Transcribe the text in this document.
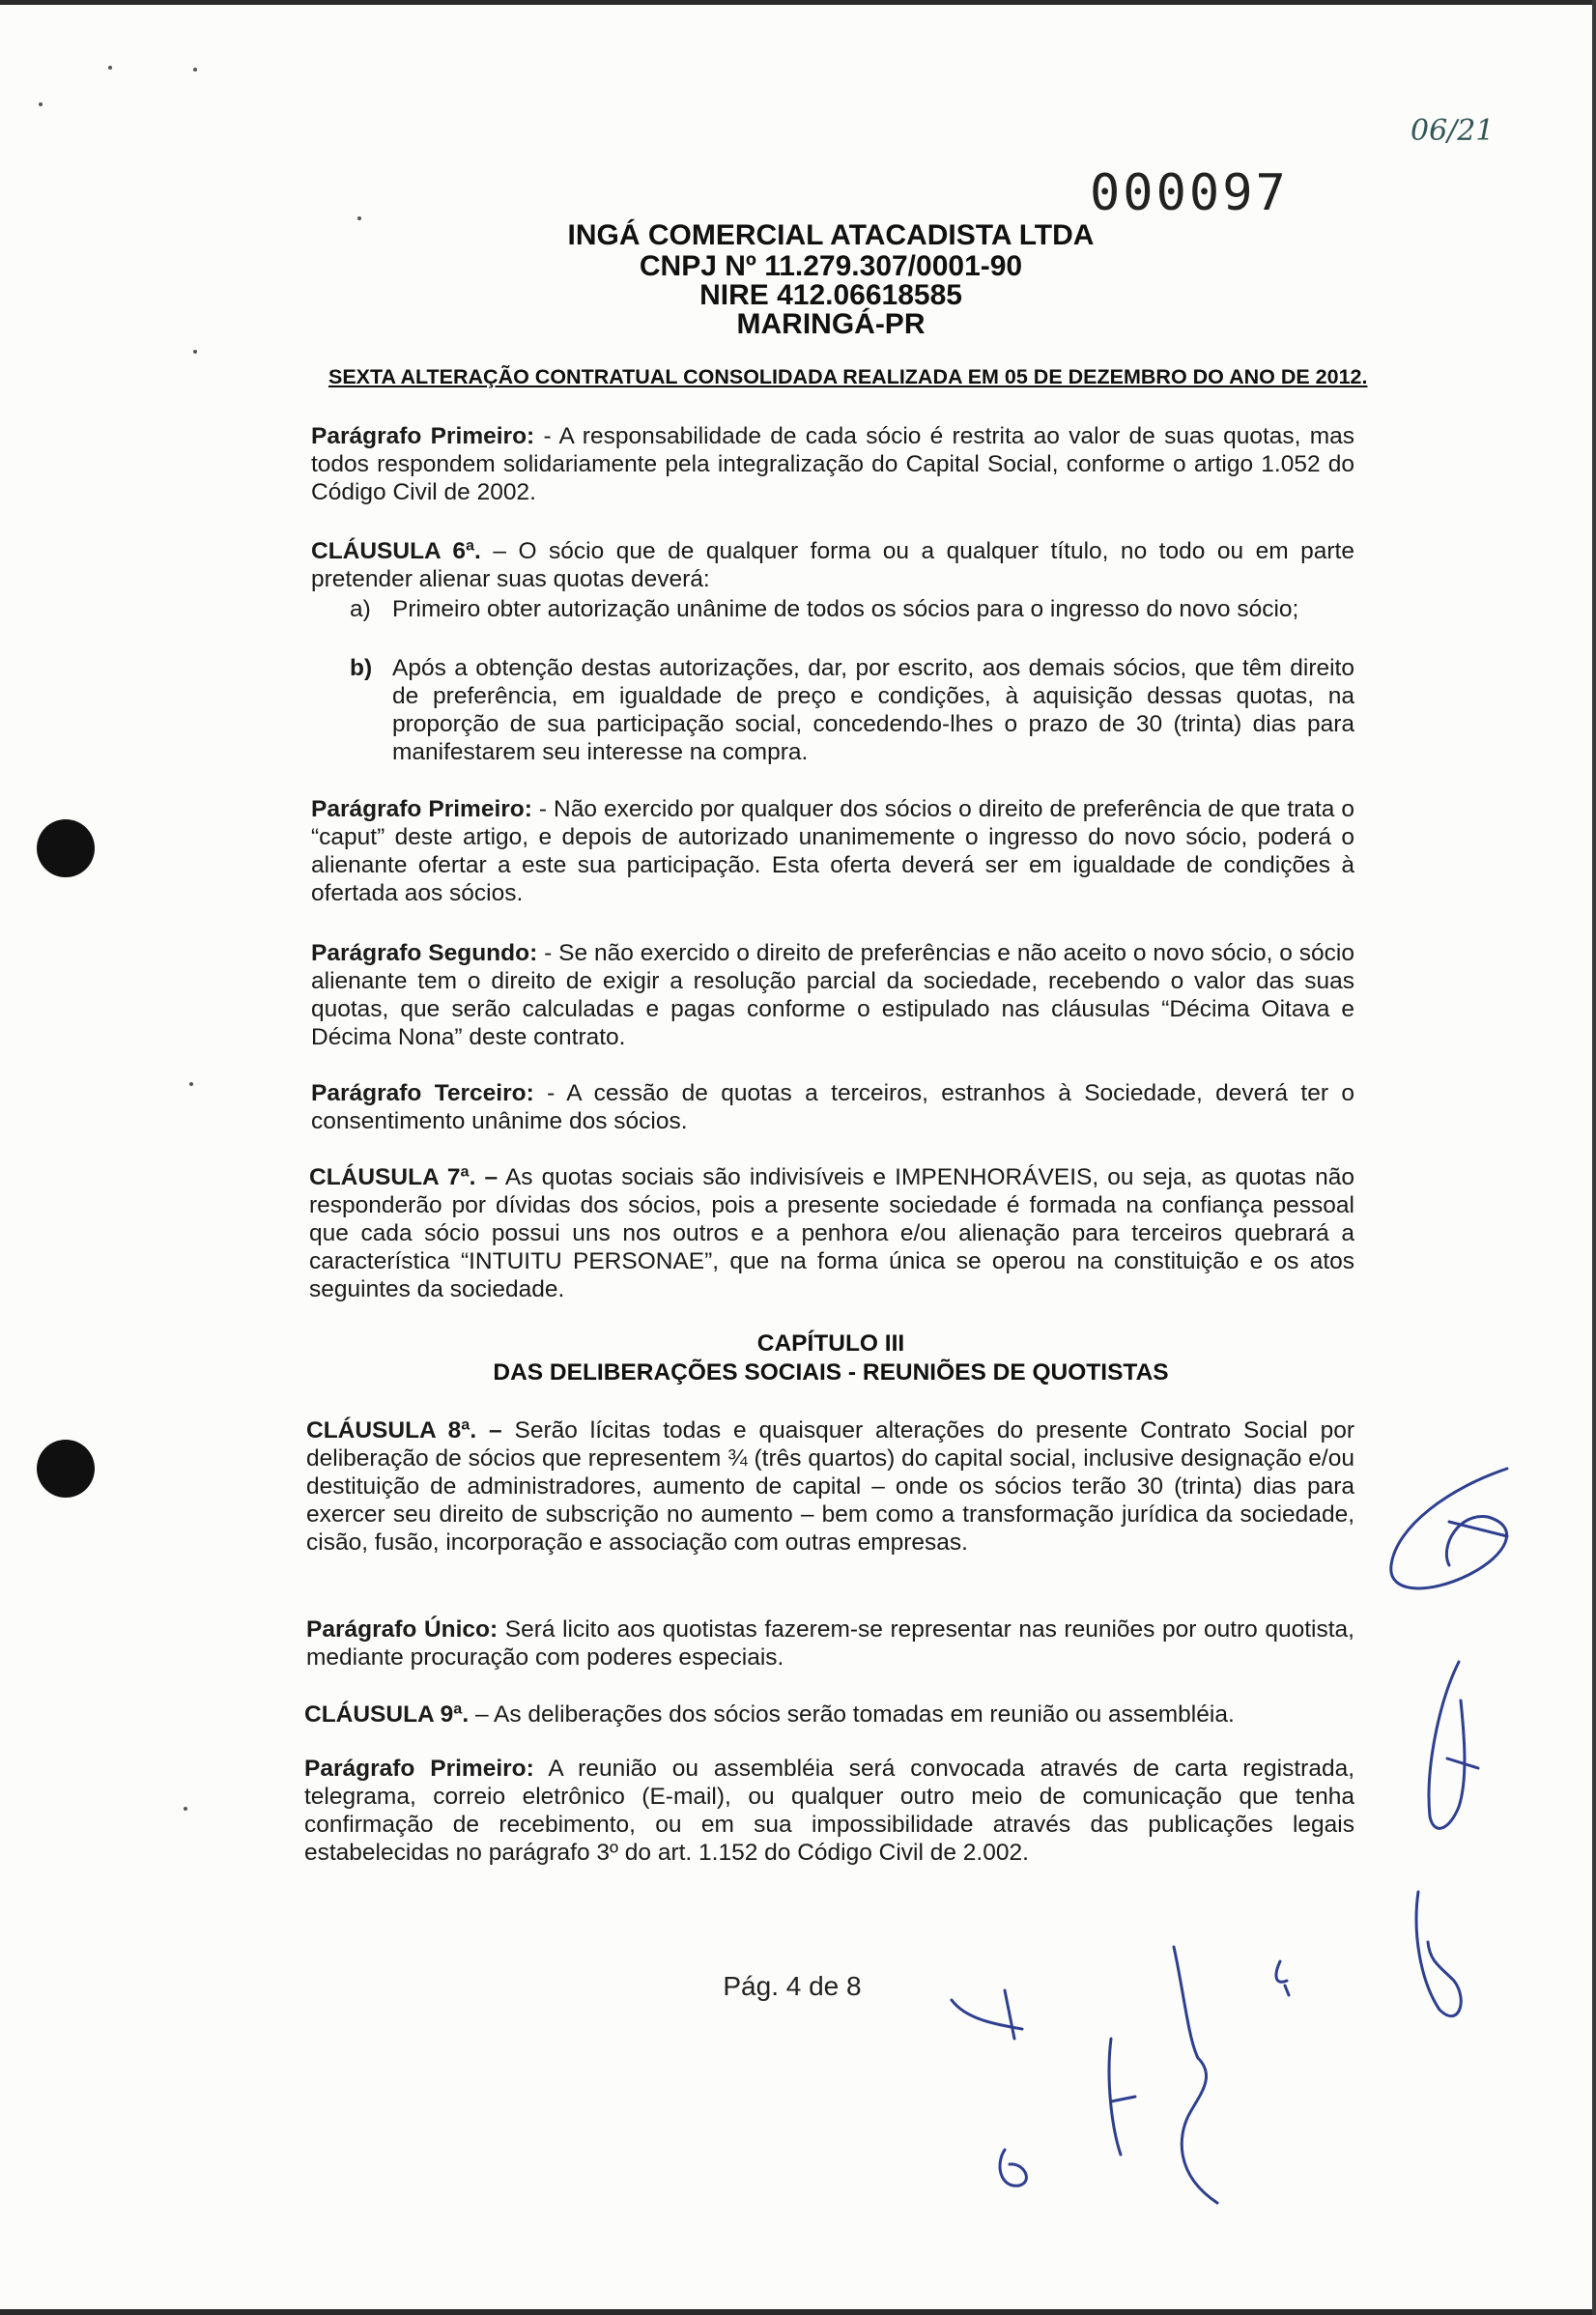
06/21
000097
INGÁ COMERCIAL ATACADISTA LTDA
CNPJ Nº 11.279.307/0001-90
NIRE 412.06618585
MARINGÁ-PR
SEXTA ALTERAÇÃO CONTRATUAL CONSOLIDADA REALIZADA EM 05 DE DEZEMBRO DO ANO DE 2012.
Parágrafo Primeiro: - A responsabilidade de cada sócio é restrita ao valor de suas quotas, mas todos respondem solidariamente pela integralização do Capital Social, conforme o artigo 1.052 do Código Civil de 2002.
CLÁUSULA 6ª. – O sócio que de qualquer forma ou a qualquer título, no todo ou em parte pretender alienar suas quotas deverá:
a) Primeiro obter autorização unânime de todos os sócios para o ingresso do novo sócio;
b) Após a obtenção destas autorizações, dar, por escrito, aos demais sócios, que têm direito de preferência, em igualdade de preço e condições, à aquisição dessas quotas, na proporção de sua participação social, concedendo-lhes o prazo de 30 (trinta) dias para manifestarem seu interesse na compra.
Parágrafo Primeiro: - Não exercido por qualquer dos sócios o direito de preferência de que trata o “caput” deste artigo, e depois de autorizado unanimemente o ingresso do novo sócio, poderá o alienante ofertar a este sua participação. Esta oferta deverá ser em igualdade de condições à ofertada aos sócios.
Parágrafo Segundo: - Se não exercido o direito de preferências e não aceito o novo sócio, o sócio alienante tem o direito de exigir a resolução parcial da sociedade, recebendo o valor das suas quotas, que serão calculadas e pagas conforme o estipulado nas cláusulas “Décima Oitava e Décima Nona” deste contrato.
Parágrafo Terceiro: - A cessão de quotas a terceiros, estranhos à Sociedade, deverá ter o consentimento unânime dos sócios.
CLÁUSULA 7ª. – As quotas sociais são indivisíveis e IMPENHORÁVEIS, ou seja, as quotas não responderão por dívidas dos sócios, pois a presente sociedade é formada na confiança pessoal que cada sócio possui uns nos outros e a penhora e/ou alienação para terceiros quebrará a característica “INTUITU PERSONAE”, que na forma única se operou na constituição e os atos seguintes da sociedade.
CAPÍTULO III
DAS DELIBERAÇÕES SOCIAIS - REUNIÕES DE QUOTISTAS
CLÁUSULA 8ª. – Serão lícitas todas e quaisquer alterações do presente Contrato Social por deliberação de sócios que representem ¾ (três quartos) do capital social, inclusive designação e/ou destituição de administradores, aumento de capital – onde os sócios terão 30 (trinta) dias para exercer seu direito de subscrição no aumento – bem como a transformação jurídica da sociedade, cisão, fusão, incorporação e associação com outras empresas.
Parágrafo Único: Será licito aos quotistas fazerem-se representar nas reuniões por outro quotista, mediante procuração com poderes especiais.
CLÁUSULA 9ª. – As deliberações dos sócios serão tomadas em reunião ou assembléia.
Parágrafo Primeiro: A reunião ou assembléia será convocada através de carta registrada, telegrama, correio eletrônico (E-mail), ou qualquer outro meio de comunicação que tenha confirmação de recebimento, ou em sua impossibilidade através das publicações legais estabelecidas no parágrafo 3º do art. 1.152 do Código Civil de 2.002.
Pág. 4 de 8
